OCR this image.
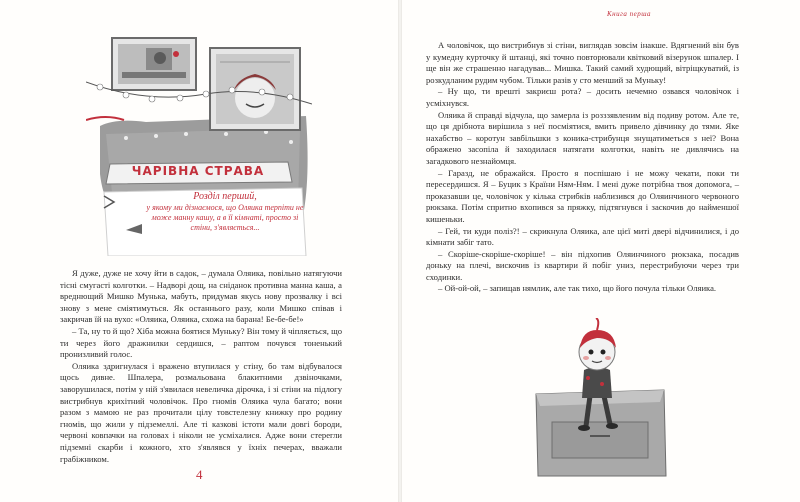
Книга перша
ЧАРІВНА СТРАВА
Розділ перший,
у якому ми дізнаємося, що Оляика терпіти не може манну кашу, а в її кімнаті, просто зі стіни, з'являється...

Я дуже, дуже не хочу йти в садок, – думала Оляика, повільно натягуючи тісні смугасті колготки. – Надворі дощ, на сніданок противна манна каша, а вреднющий Мишко Мунька, мабуть, придумав якусь нову прозвалку і всі знову з мене сміятимуться. Як останнього разу, коли Мишко співав і закричав їй на вухо: «Оляика, Оляика, схожа на барана! Бе-бе-бе!»

– Та, ну то й що? Хіба можна боятися Муньку? Він тому й чіпляється, що ти через його дражнилки сердишся, – раптом почувся тоненький пронизливий голос.

Оляика здригнулася і вражено втупилася у стіну, бо там відбувалося щось дивне. Шпалера, розмальована блакитними дзвіночками, заворушилася, потім у ній з'явилася невеличка дірочка, і зі стіни на підлогу вистрибнув крихітний чоловічок. Про гномів Оляика чула багато; вони разом з мамою не раз прочитали цілу товстелезну книжку про родину гномів, що жили у підземеллі. Але ті казкові істоти мали довгі бороди, червоні ковпачки на головах і ніколи не усміхалися. Адже вони стерегли підземні скарби і кожного, хто з'являвся у їхніх печерах, вважали грабіжником.

4

А чоловічок, що вистрибнув зі стіни, виглядав зовсім інакше. Вдягнений він був у кумедну курточку й штанці, які точно повторювали квітковий візерунок шпалер. І ще він же страшенно нагадував... Мишка. Такий самий худющий, вітріщкуватий, із розкудланим рудим чубом. Тільки разів у сто менший за Муньку!

– Ну що, ти врешті закриєш рота? – досить нечемно озвався чоловічок і усміхнувся.

Оляика й справді відчула, що замерла із розззявленим від подиву ротом. Але те, що ця дрібнота вирішила з неї посміятися, вмить привело дівчинку до тями. Яке нахабство – коротун завбільшки з коника-стрибунця знущатиметься з неї? Вона ображено засопіла й заходилася натягати колготки, навіть не дивлячись на загадкового незнайомця.

– Гаразд, не ображайся. Просто я поспішаю і не можу чекати, поки ти пересердишся. Я – Буцик з Країни Ням-Ням. І мені дуже потрібна твоя допомога, – проказавши це, чоловічок у кілька стрибків наблизився до Оляинчиного червоного рюкзака. Потім спритно вхопився за пряжку, підтягнувся і заскочив до найменшої кишеньки.

– Гей, ти куди поліз?! – скрикнула Оляика, але цієї миті двері відчинилися, і до кімнати забіг тато.

– Скоріше-скоріше-скоріше! – він підхопив Оляинчиного рюкзака, посадив доньку на плечі, вискочив із квартири й побіг униз, перестрибуючи через три сходинки.

– Ой-ой-ой, – запищав нямлик, але так тихо, що його почула тільки Оляика.
